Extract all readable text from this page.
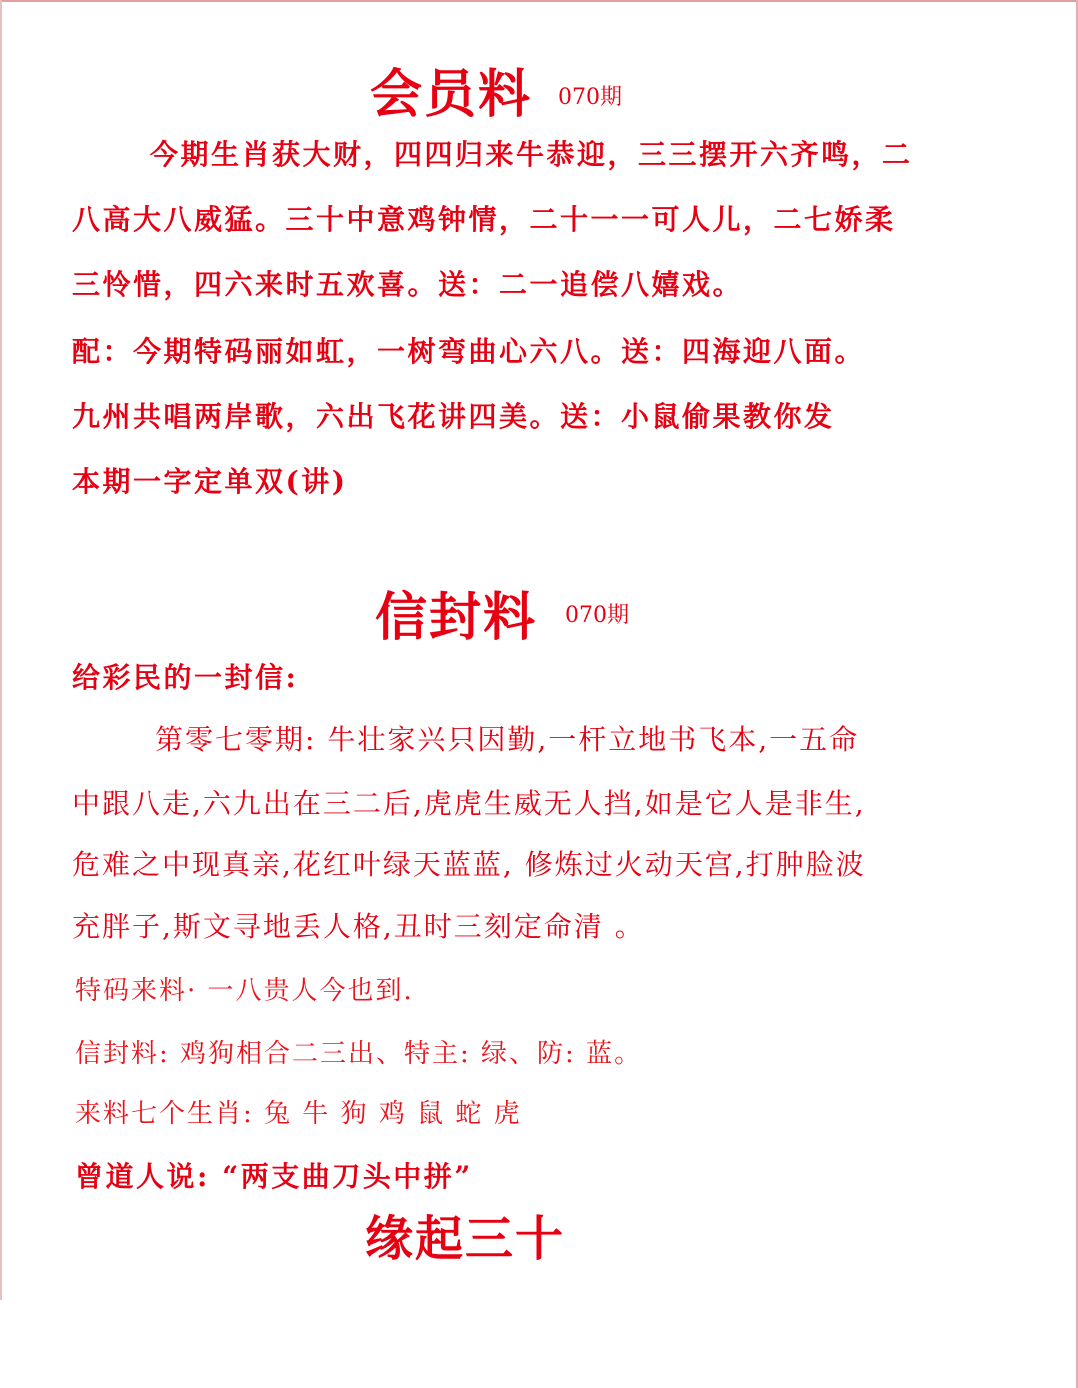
会员料 070期
今期生肖获大财，四四归来牛恭迎，三三摆开六齐鸣，二
八高大八威猛。三十中意鸡钟情，二十一一可人儿，二七娇柔
三怜惜，四六来时五欢喜。送：二一追偿八嬉戏。
配：今期特码丽如虹，一树弯曲心六八。送：四海迎八面。
九州共唱两岸歌，六出飞花讲四美。送：小鼠偷果教你发
本期一字定单双(讲)
信封料 070期
给彩民的一封信:
第零七零期: 牛壮家兴只因勤,一杆立地书飞本,一五命
中跟八走,六九出在三二后,虎虎生威无人挡,如是它人是非生,
危难之中现真亲,花红叶绿天蓝蓝, 修炼过火动天宫,打肿脸波
充胖子,斯文寻地丢人格,丑时三刻定命清 。
特码来料· 一八贵人今也到.
信封料: 鸡狗相合二三出、特主: 绿、防: 蓝。
来料七个生肖: 兔 牛 狗 鸡 鼠 蛇 虎
曾道人说: “两支曲刀头中拼”
缘起三十
